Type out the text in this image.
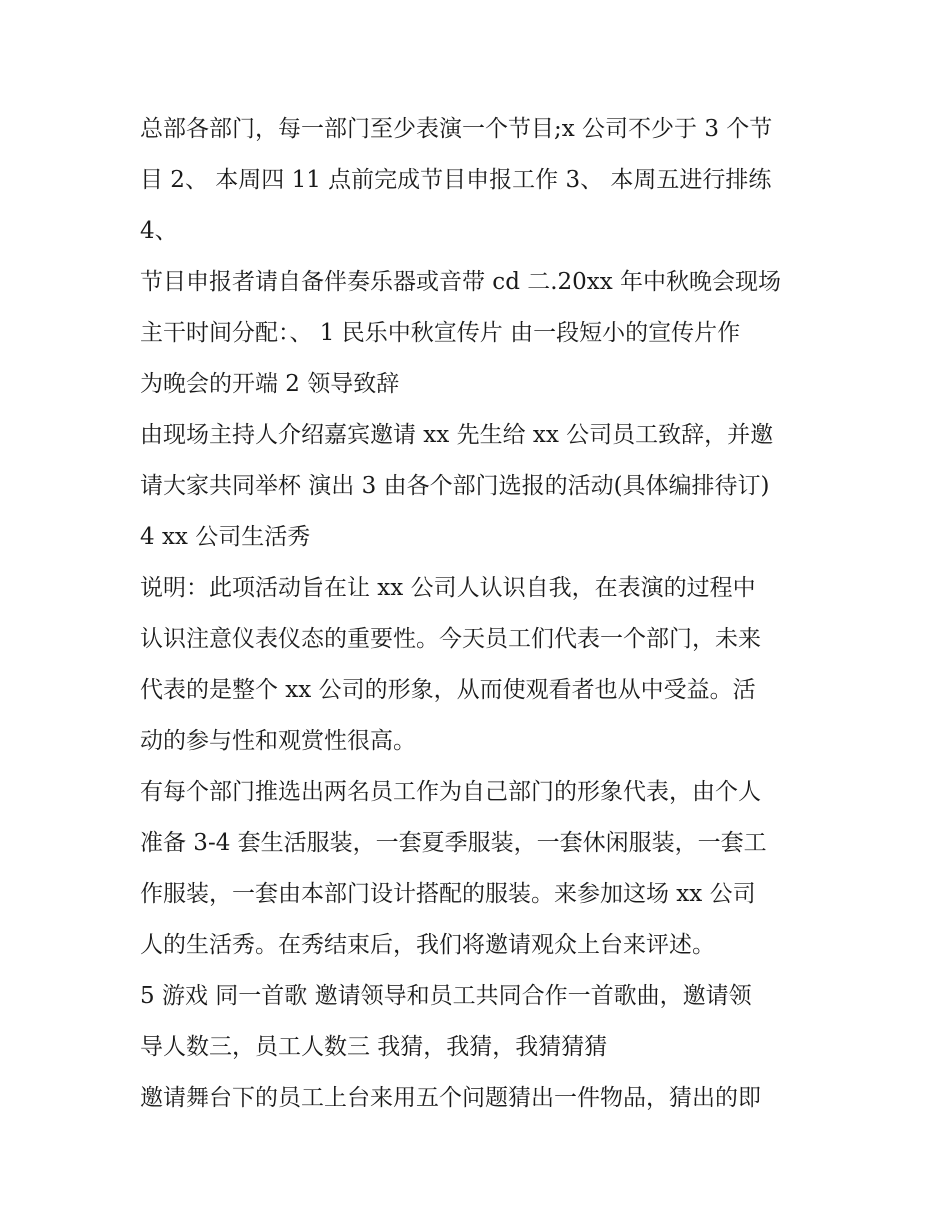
总部各部门，每一部门至少表演一个节目;x 公司不少于 3 个节
目 2、 本周四 11 点前完成节目申报工作 3、 本周五进行排练
4、
节目申报者请自备伴奏乐器或音带 cd 二.20xx 年中秋晚会现场
主干时间分配：、 1 民乐中秋宣传片 由一段短小的宣传片作
为晚会的开端 2 领导致辞
由现场主持人介绍嘉宾邀请 xx 先生给 xx 公司员工致辞，并邀
请大家共同举杯 演出 3 由各个部门选报的活动(具体编排待订)
4 xx 公司生活秀
说明：此项活动旨在让 xx 公司人认识自我，在表演的过程中
认识注意仪表仪态的重要性。今天员工们代表一个部门，未来
代表的是整个 xx 公司的形象，从而使观看者也从中受益。活
动的参与性和观赏性很高。
有每个部门推选出两名员工作为自己部门的形象代表，由个人
准备 3-4 套生活服装，一套夏季服装，一套休闲服装，一套工
作服装，一套由本部门设计搭配的服装。来参加这场 xx 公司
人的生活秀。在秀结束后，我们将邀请观众上台来评述。
5 游戏 同一首歌 邀请领导和员工共同合作一首歌曲，邀请领
导人数三，员工人数三 我猜，我猜，我猜猜猜
邀请舞台下的员工上台来用五个问题猜出一件物品，猜出的即
